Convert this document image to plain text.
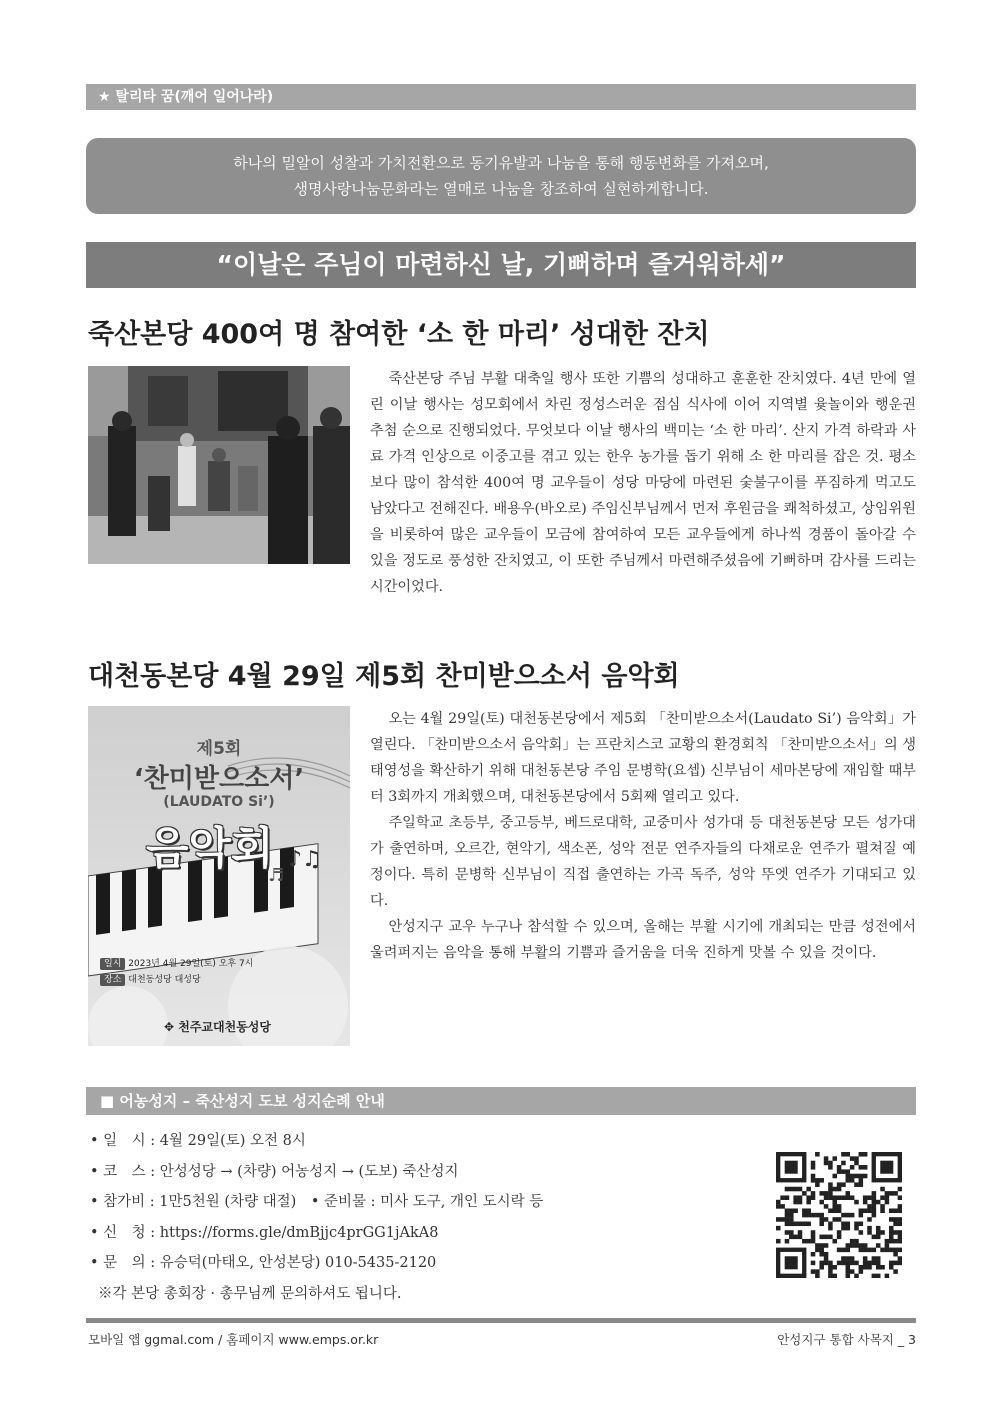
★ 탈리타 꿈(깨어 일어나라)
하나의 밀알이 성찰과 가치전환으로 동기유발과 나눔을 통해 행동변화를 가져오며,
생명사랑나눔문화라는 열매로 나눔을 창조하여 실현하게합니다.
“이날은 주님이 마련하신 날, 기뻐하며 즐거워하세”
죽산본당 400여 명 참여한 ‘소 한 마리’ 성대한 잔치

죽산본당 주님 부활 대축일 행사 또한 기쁨의 성대하고 훈훈한 잔치였다. 4년 만에 열린 이날 행사는 성모회에서 차린 정성스러운 점심 식사에 이어 지역별 윷놀이와 행운권 추첨 순으로 진행되었다. 무엇보다 이날 행사의 백미는 ‘소 한 마리’. 산지 가격 하락과 사료 가격 인상으로 이중고를 겪고 있는 한우 농가를 돕기 위해 소 한 마리를 잡은 것. 평소보다 많이 참석한 400여 명 교우들이 성당 마당에 마련된 숯불구이를 푸짐하게 먹고도 남았다고 전해진다. 배용우(바오로) 주임신부님께서 먼저 후원금을 쾌척하셨고, 상임위원을 비롯하여 많은 교우들이 모금에 참여하여 모든 교우들에게 하나씩 경품이 돌아갈 수 있을 정도로 풍성한 잔치였고, 이 또한 주님께서 마련해주셨음에 기뻐하며 감사를 드리는 시간이었다.

대천동본당 4월 29일 제5회 찬미받으소서 음악회
♪♫
♬
제5회
‘찬미받으소서’
(LAUDATO Si’)
음악회
일시 2023년 4월 29일(토) 오후 7시
장소 대천동성당 대성당
✥ 천주교대천동성당

오는 4월 29일(토) 대천동본당에서 제5회 「찬미받으소서(Laudato Si’) 음악회」가 열린다. 「찬미받으소서 음악회」는 프란치스코 교황의 환경회칙 「찬미받으소서」의 생태영성을 확산하기 위해 대천동본당 주임 문병학(요셉) 신부님이 세마본당에 재임할 때부터 3회까지 개최했으며, 대천동본당에서 5회째 열리고 있다.

주일학교 초등부, 중고등부, 베드로대학, 교중미사 성가대 등 대천동본당 모든 성가대가 출연하며, 오르간, 현악기, 색소폰, 성악 전문 연주자들의 다채로운 연주가 펼쳐질 예정이다. 특히 문병학 신부님이 직접 출연하는 가곡 독주, 성악 뚜엣 연주가 기대되고 있다.

안성지구 교우 누구나 참석할 수 있으며, 올해는 부활 시기에 개최되는 만큼 성전에서 울려퍼지는 음악을 통해 부활의 기쁨과 즐거움을 더욱 진하게 맛볼 수 있을 것이다.

■ 어농성지 – 죽산성지 도보 성지순례 안내
• 일　시 : 4월 29일(토) 오전 8시
• 코　스 : 안성성당 → (차량) 어농성지 → (도보) 죽산성지
• 참가비 : 1만5천원 (차량 대절)　• 준비물 : 미사 도구, 개인 도시락 등
• 신　청 : https://forms.gle/dmBjjc4prGG1jAkA8
• 문　의 : 유승덕(마태오, 안성본당) 010-5435-2120
※각 본당 총회장 · 총무님께 문의하셔도 됩니다.
모바일 앱 ggmal.com / 홈페이지 www.emps.or.kr	안성지구 통합 사목지 _ 3
